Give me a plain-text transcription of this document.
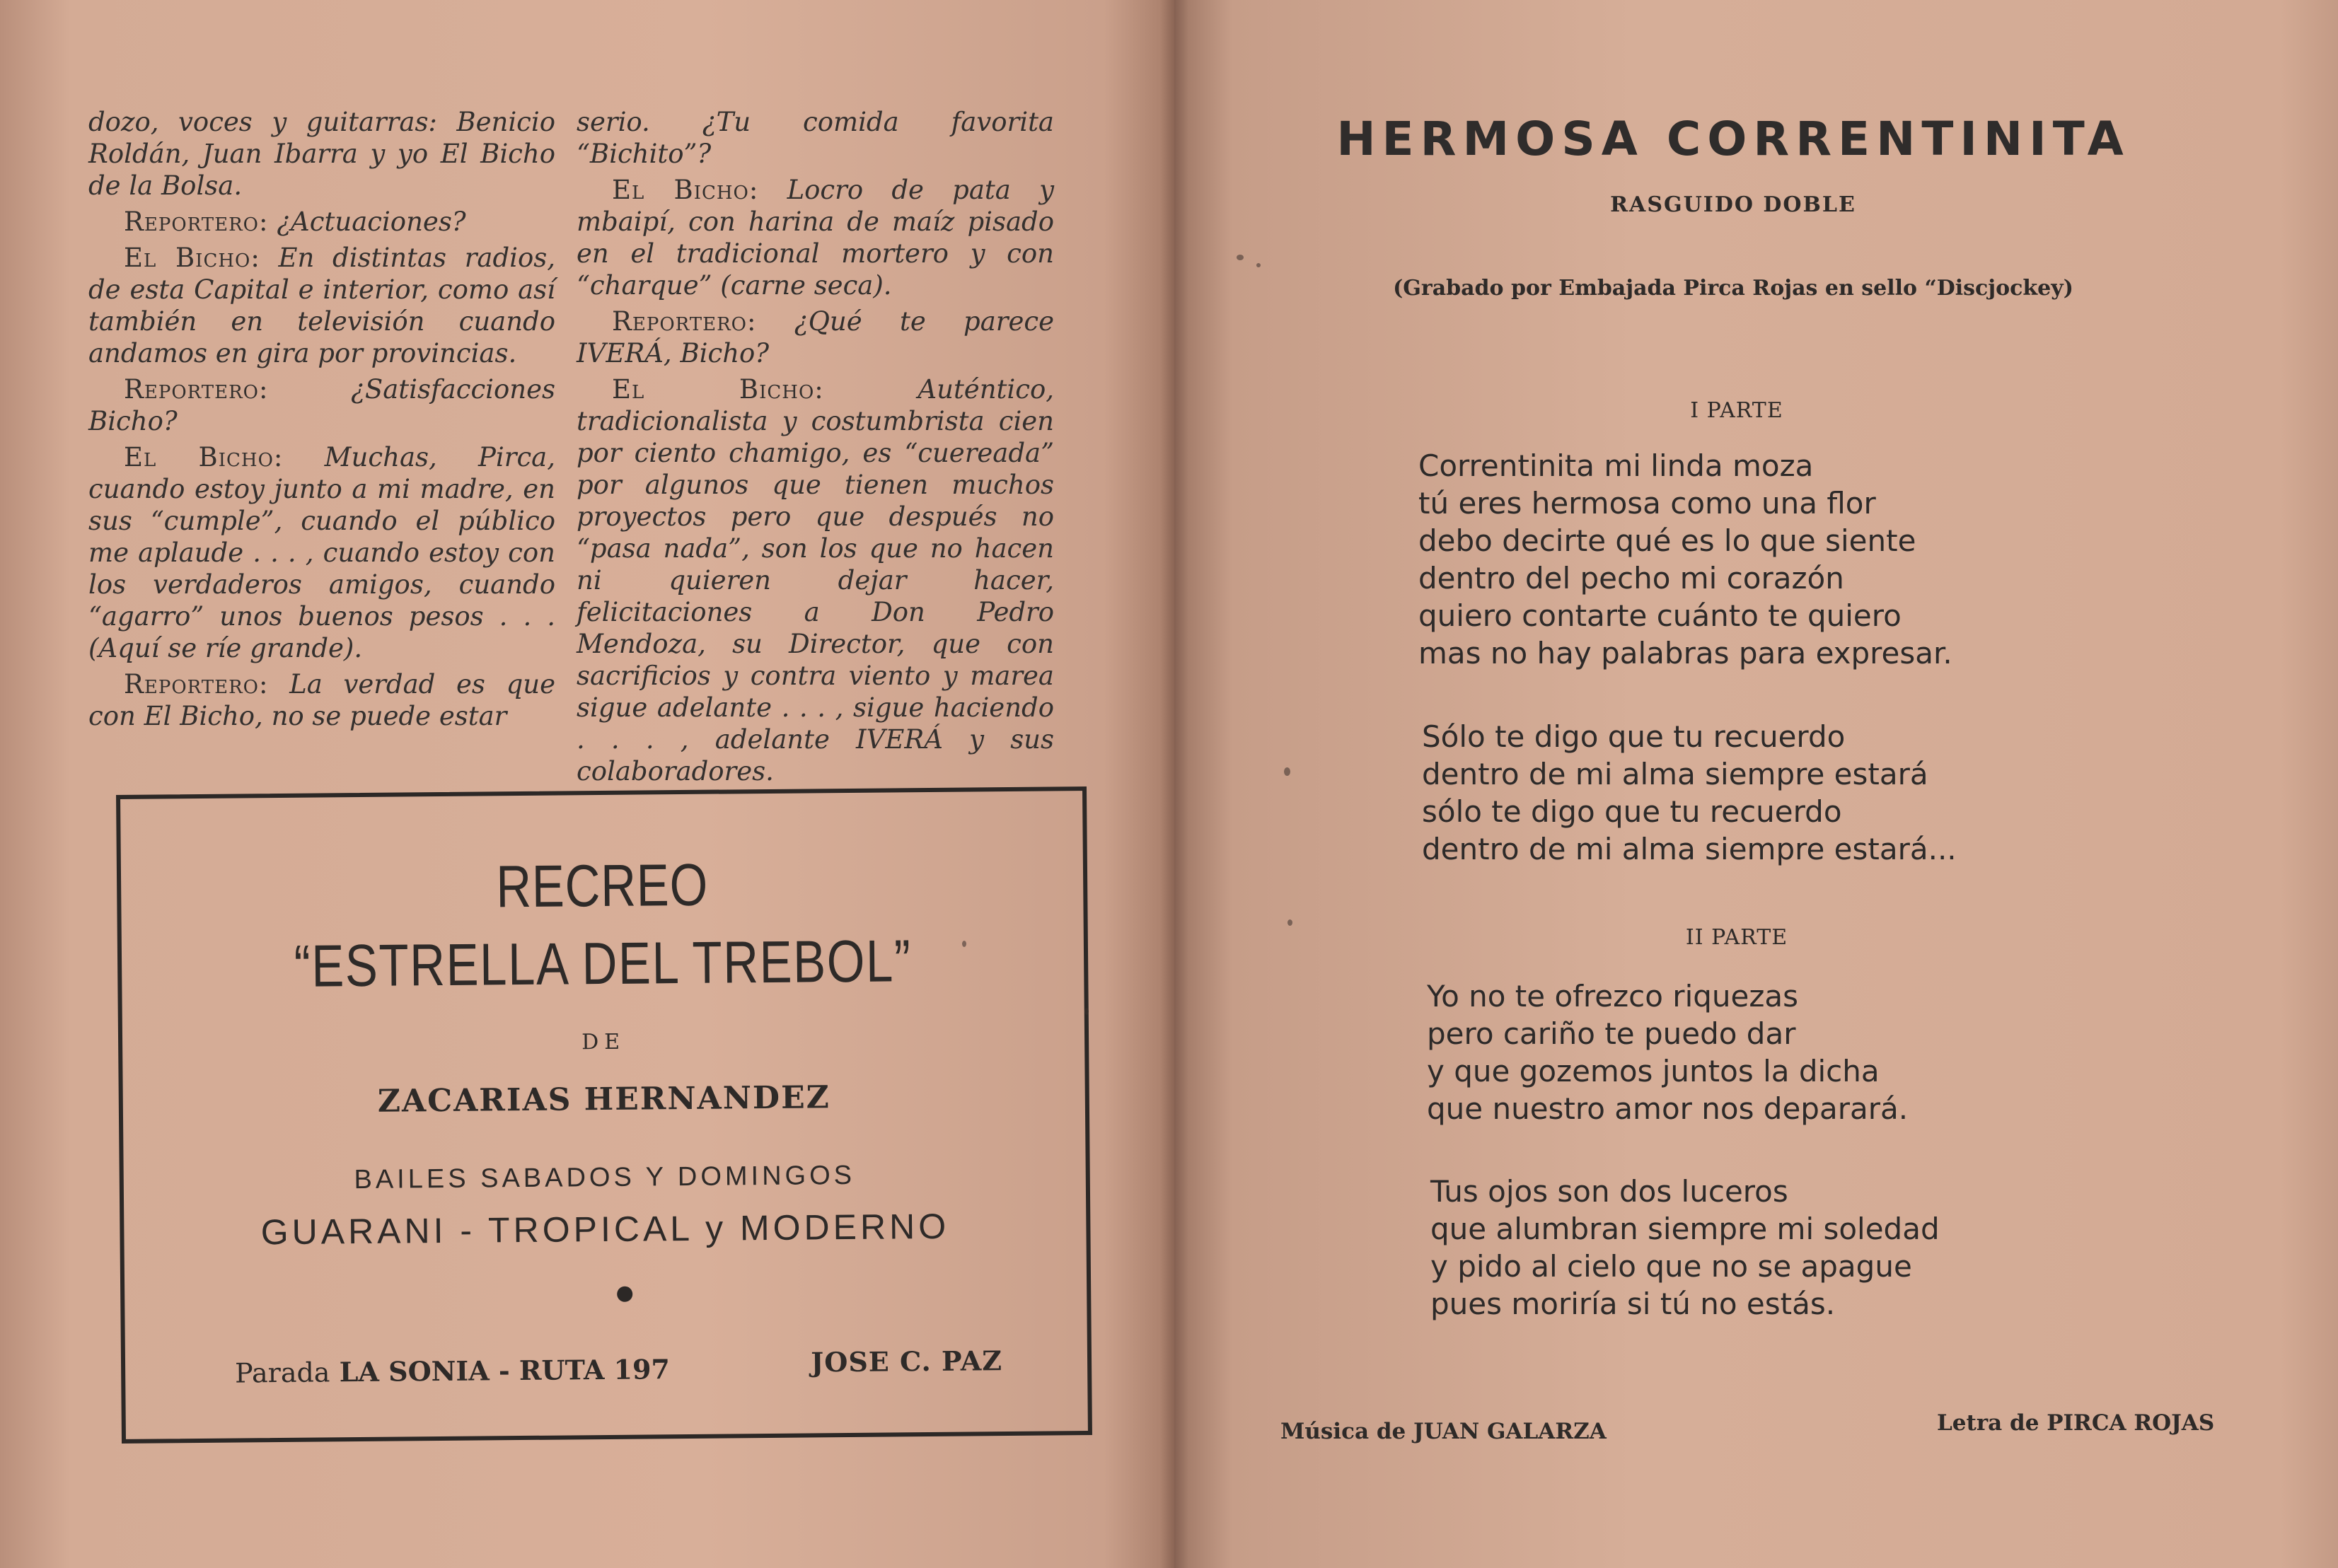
dozo, voces y guitarras: Benicio Roldán, Juan Ibarra y yo El Bicho de la Bolsa.

Reportero: ¿Actuaciones?

El Bicho: En distintas radios, de esta Capital e interior, como así también en televisión cuando andamos en gira por provincias.

Reportero:	¿Satisfacciones Bicho?

El Bicho: Muchas, Pirca, cuando estoy junto a mi madre, en sus “cumple”, cuando el público me aplaude . . . , cuando estoy con los verdaderos amigos, cuando “agarro” unos buenos pesos . . . (Aquí se ríe grande).

Reportero: La verdad es que con El Bicho, no se puede estar

serio. ¿Tu comida favorita “Bichito”?

El Bicho: Locro de pata y mbaipí, con harina de maíz pisado en el tradicional mortero y con “charque” (carne seca).

Reportero: ¿Qué te parece IVERÁ, Bicho?

El Bicho:	Auténtico, tradicionalista y costumbrista cien por ciento chamigo, es “cuereada” por algunos que tienen muchos proyectos pero que después no “pasa nada”, son los que no hacen ni quieren dejar hacer, felicitaciones a Don Pedro Mendoza, su Director, que con sacrificios y contra viento y marea sigue adelante . . . , sigue haciendo . . . , adelante IVERÁ y sus colaboradores.

RECREO
“ESTRELLA DEL TREBOL”
DE
ZACARIAS HERNANDEZ
BAILES SABADOS Y DOMINGOS
GUARANI - TROPICAL y MODERNO
Parada LA SONIA - RUTA 197	JOSE C. PAZ
HERMOSA CORRENTINITA
RASGUIDO DOBLE
(Grabado por Embajada Pirca Rojas en sello “Discjockey)
I PARTE
Correntinita mi linda moza
tú eres hermosa como una flor
debo decirte qué es lo que siente
dentro del pecho mi corazón
quiero contarte cuánto te quiero
mas no hay palabras para expresar.
Sólo te digo que tu recuerdo
dentro de mi alma siempre estará
sólo te digo que tu recuerdo
dentro de mi alma siempre estará...
II PARTE
Yo no te ofrezco riquezas
pero cariño te puedo dar
y que gozemos juntos la dicha
que nuestro amor nos deparará.
Tus ojos son dos luceros
que alumbran siempre mi soledad
y pido al cielo que no se apague
pues moriría si tú no estás.
Música de JUAN GALARZA	Letra de PIRCA ROJAS
